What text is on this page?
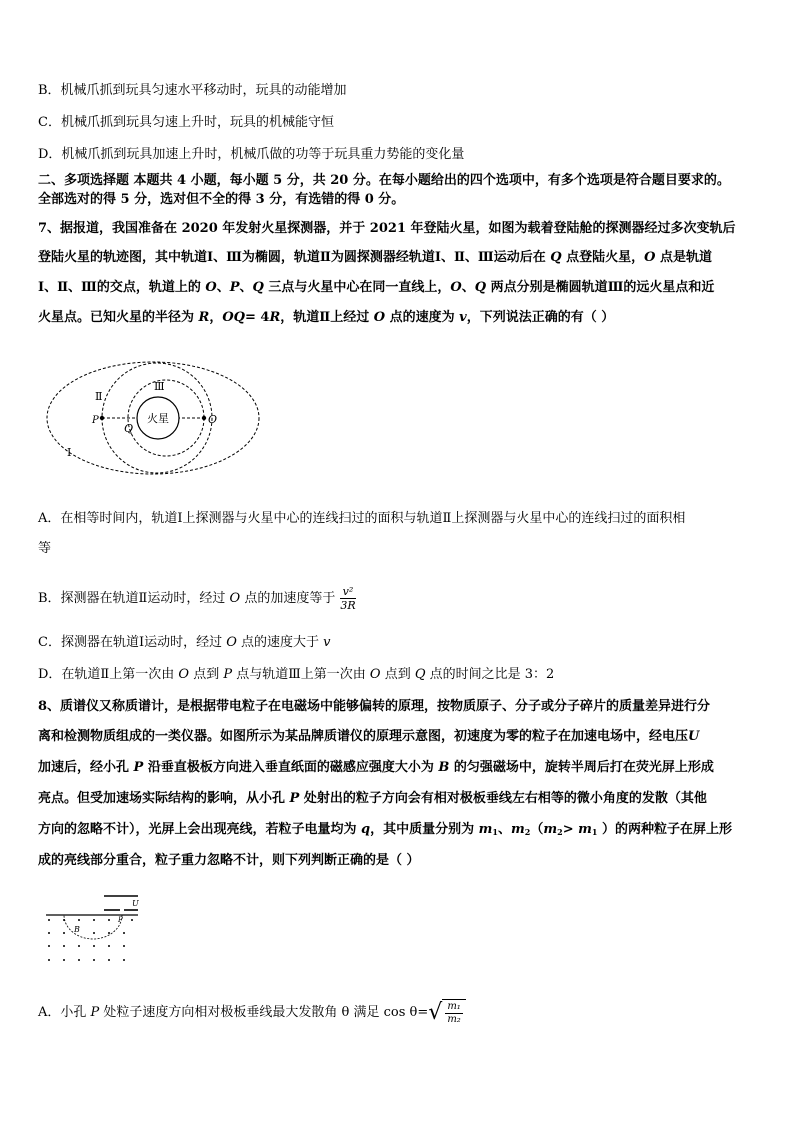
B．机械爪抓到玩具匀速水平移动时，玩具的动能增加
C．机械爪抓到玩具匀速上升时，玩具的机械能守恒
D．机械爪抓到玩具加速上升时，机械爪做的功等于玩具重力势能的变化量
二、多项选择题 本题共 4 小题，每小题 5 分，共 20 分。在每小题给出的四个选项中，有多个选项是符合题目要求的。
全部选对的得 5 分，选对但不全的得 3 分，有选错的得 0 分。
7、据报道，我国准备在 2020 年发射火星探测器，并于 2021 年登陆火星，如图为载着登陆舱的探测器经过多次变轨后
登陆火星的轨迹图，其中轨道Ⅰ、Ⅲ为椭圆，轨道Ⅱ为圆探测器经轨道Ⅰ、Ⅱ、Ⅲ运动后在 Q 点登陆火星，O 点是轨道
Ⅰ、Ⅱ、Ⅲ的交点，轨道上的 O、P、Q 三点与火星中心在同一直线上，O、Q 两点分别是椭圆轨道Ⅲ的远火星点和近
火星点。已知火星的半径为 R，OQ= 4R，轨道Ⅱ上经过 O 点的速度为 v，下列说法正确的有（ ）
火星
P
Q
O
Ⅰ
Ⅱ
Ⅲ
A．在相等时间内，轨道Ⅰ上探测器与火星中心的连线扫过的面积与轨道Ⅱ上探测器与火星中心的连线扫过的面积相
等
B．探测器在轨道Ⅱ运动时，经过 O 点的加速度等于 $\frac{\text{v²}}{3R}$
C．探测器在轨道Ⅰ运动时，经过 O 点的速度大于 v
D．在轨道Ⅱ上第一次由 O 点到 P 点与轨道Ⅲ上第一次由 O 点到 Q 点的时间之比是 3：2
8、质谱仪又称质谱计，是根据带电粒子在电磁场中能够偏转的原理，按物质原子、分子或分子碎片的质量差异进行分
离和检测物质组成的一类仪器。如图所示为某品牌质谱仪的原理示意图，初速度为零的粒子在加速电场中，经电压U
加速后，经小孔 P 沿垂直极板方向进入垂直纸面的磁感应强度大小为 B 的匀强磁场中，旋转半周后打在荧光屏上形成
亮点。但受加速场实际结构的影响，从小孔 P 处射出的粒子方向会有相对极板垂线左右相等的微小角度的发散（其他
方向的忽略不计），光屏上会出现亮线，若粒子电量均为 q，其中质量分别为 $m_1$、$m_2(m_2> m_1$ ）的两种粒子在屏上形
成的亮线部分重合，粒子重力忽略不计，则下列判断正确的是（ ）
U
P
B
A．小孔 P 处粒子速度方向相对极板垂线最大发散角 θ 满足 cos θ= √ m₁
m₂
